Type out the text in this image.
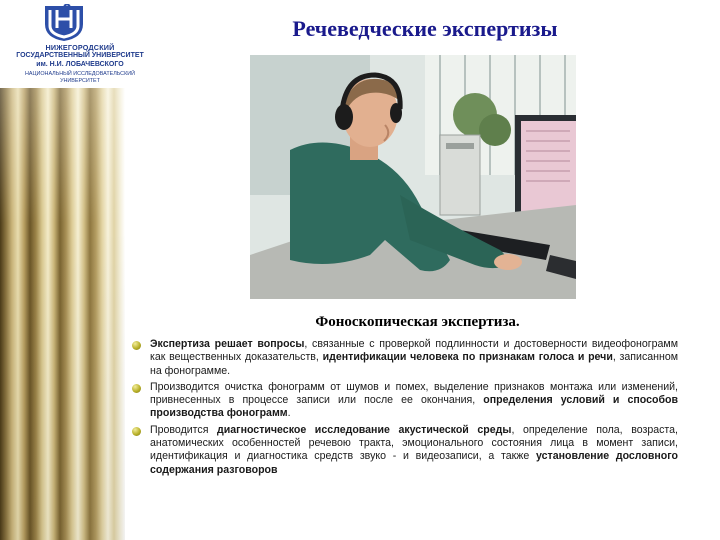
НИЖЕГОРОДСКИЙ
ГОСУДАРСТВЕННЫЙ УНИВЕРСИТЕТ
им. Н.И. ЛОБАЧЕВСКОГО
НАЦИОНАЛЬНЫЙ ИССЛЕДОВАТЕЛЬСКИЙ
УНИВЕРСИТЕТ
Речеведческие экспертизы
Фоноскопическая экспертиза.
Экспертиза решает вопросы, связанные с проверкой подлинности и достоверности видеофонограмм как вещественных доказательств, идентификации человека по признакам голоса и речи, записанном на фонограмме.
Производится очистка фонограмм от шумов и помех, выделение признаков монтажа или изменений, привнесенных в процессе записи или после ее окончания, определения условий и способов производства фонограмм.
Проводится диагностическое исследование акустической среды, определение пола, возраста, анатомических особенностей речевою тракта, эмоционального состояния лица в момент записи, идентификация и диагностика средств звуко - и видеозаписи, а также установление дословного содержания разговоров
